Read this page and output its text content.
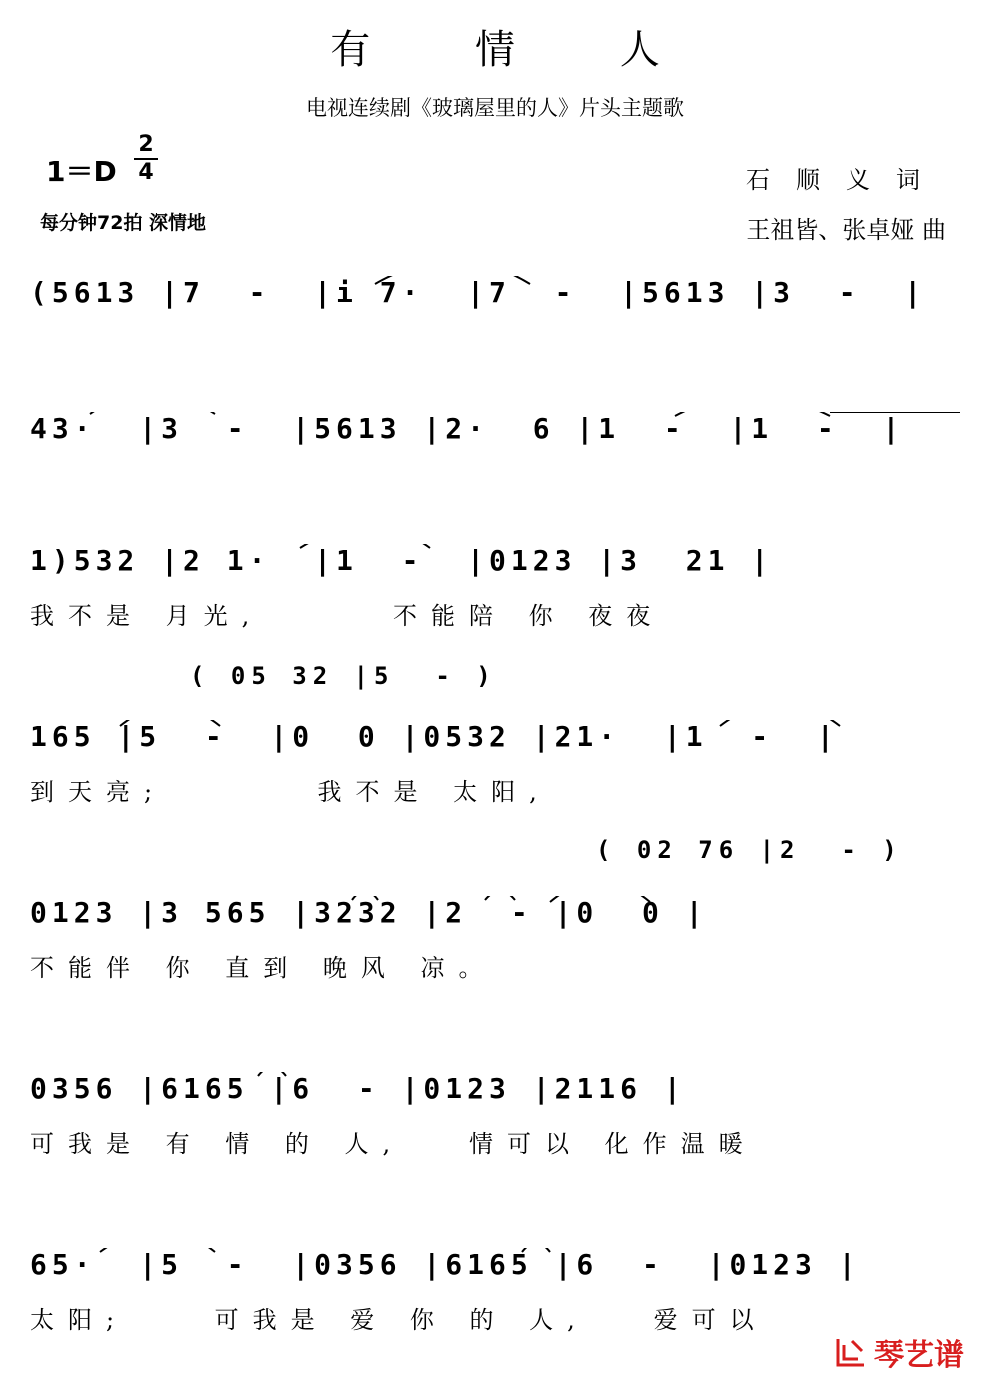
有 情 人
电视连续剧《玻璃屋里的人》片头主题歌
1＝D
2
4
每分钟72拍 深情地
石顺义词
王祖皆、张卓娅 曲
(5613 |7  -  |i 7·  |7  -  |5613 |3  -  |
43·  |3  -  |5613 |2·  6 |1  -  |1  -  |
1)532 |2 1·  |1  -  |0123 |3  21 |
我不是 月光,      不能陪 你 夜夜
( 05 32 |5  - )
165 |5  -  |0  0 |0532 |21·  |1  -  |
到天亮;       我不是 太阳,
( 02 76 |2  - )
0123 |3 565 |3232 |2  - |0  0 |
不能伴 你 直到 晚风 凉。
0356 |6165 |6  - |0123 |2116 |
可我是 有 情 的 人,   情可以 化作温暖
65·  |5  -  |0356 |6165 |6  -  |0123 |
太阳;    可我是 爱 你 的 人,   爱可以
琴艺谱
